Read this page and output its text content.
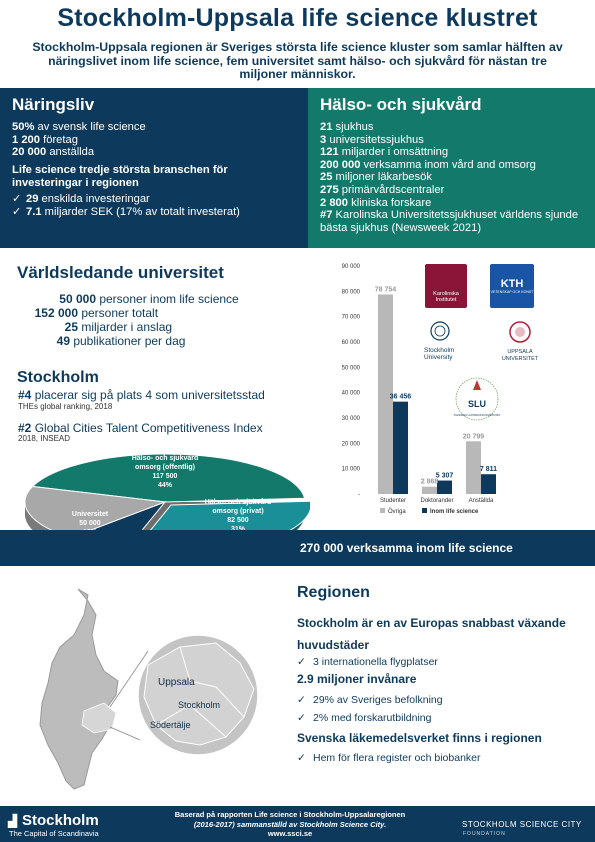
Stockholm-Uppsala life science klustret
Stockholm-Uppsala regionen är Sveriges största life science kluster som samlar hälften av näringslivet inom life science, fem universitet samt hälso- och sjukvård för nästan tre miljoner människor.
Näringsliv
50% av svensk life science
1 200 företag
20 000 anställda
Life science tredje största branschen för investeringar i regionen
✓ 29 enskilda investeringar
✓ 7.1 miljarder SEK (17% av totalt investerat)
Hälso- och sjukvård
21 sjukhus
3 universitetssjukhus
121 miljarder i omsättning
200 000 verksamma inom vård and omsorg
25 miljoner läkarbesök
275 primärvårdscentraler
2 800 kliniska forskare
#7 Karolinska Universitetssjukhuset världens sjunde bästa sjukhus (Newsweek 2021)
Världsledande universitet
50 000 personer inom life science
152 000 personer totalt
25 miljarder i anslag
49 publikationer per dag
Stockholm
#4 placerar sig på plats 4 som universitetsstad
THEs global ranking, 2018
#2 Global Cities Talent Competitiveness Index
2018, INSEAD
Hälso- och sjukvård
omsorg (offentlig)
117 500
44%
Hälso- och sjukvård
omsorg (privat)
82 500
Universitet
50 000
-
10 000
20 000
30 000
40 000
50 000
60 000
70 000
80 000
90 000
78 754
36 456
2 868
5 307
20 799
7 811
Studenter Doktorander	Anställda
Övriga	Inom life science
Karolinska Institutet
KTH
VETENSKAP OCH KONST
Stockholm University
UPPSALA UNIVERSITET
SLU
SVERIGES LANTBRUKSUNIVERSITET
270 000 verksamma inom life science
Uppsala
Stockholm
Södertälje
Regionen
Stockholm är en av Europas snabbast växande huvudstäder
✓ 3 internationella flygplatser
2.9 miljoner invånare
✓ 29% av Sveriges befolkning
✓ 2% med forskarutbildning
Svenska läkemedelsverket finns i regionen
✓ Hem för flera register och biobanker
▟ Stockholm
The Capital of Scandinavia
Baserad på rapporten Life science i Stockholm-Uppsalaregionen
(2016-2017) sammanställd av Stockholm Science City.
www.ssci.se
STOCKHOLM SCIENCE CITY
FOUNDATION
